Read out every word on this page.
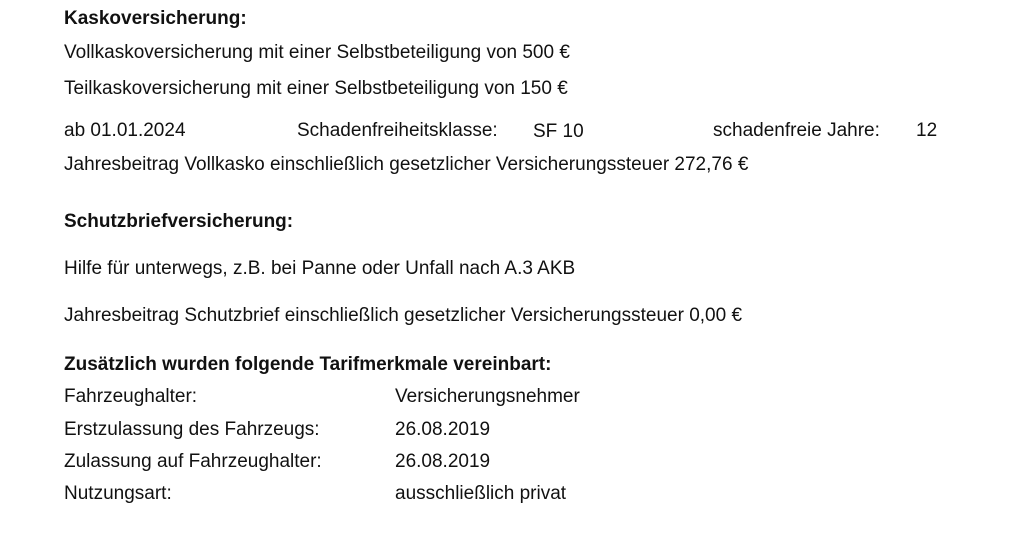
Kaskoversicherung:
Vollkaskoversicherung mit einer Selbstbeteiligung von 500 €
Teilkaskoversicherung mit einer Selbstbeteiligung von 150 €
ab 01.01.2024	Schadenfreiheitsklasse: SF 10	schadenfreie Jahre: 12
Jahresbeitrag Vollkasko einschließlich gesetzlicher Versicherungssteuer 272,76 €
Schutzbriefversicherung:
Hilfe für unterwegs, z.B. bei Panne oder Unfall nach A.3 AKB
Jahresbeitrag Schutzbrief einschließlich gesetzlicher Versicherungssteuer 0,00 €
Zusätzlich wurden folgende Tarifmerkmale vereinbart:
Fahrzeughalter:	Versicherungsnehmer
Erstzulassung des Fahrzeugs:	26.08.2019
Zulassung auf Fahrzeughalter:	26.08.2019
Nutzungsart:	ausschließlich privat
